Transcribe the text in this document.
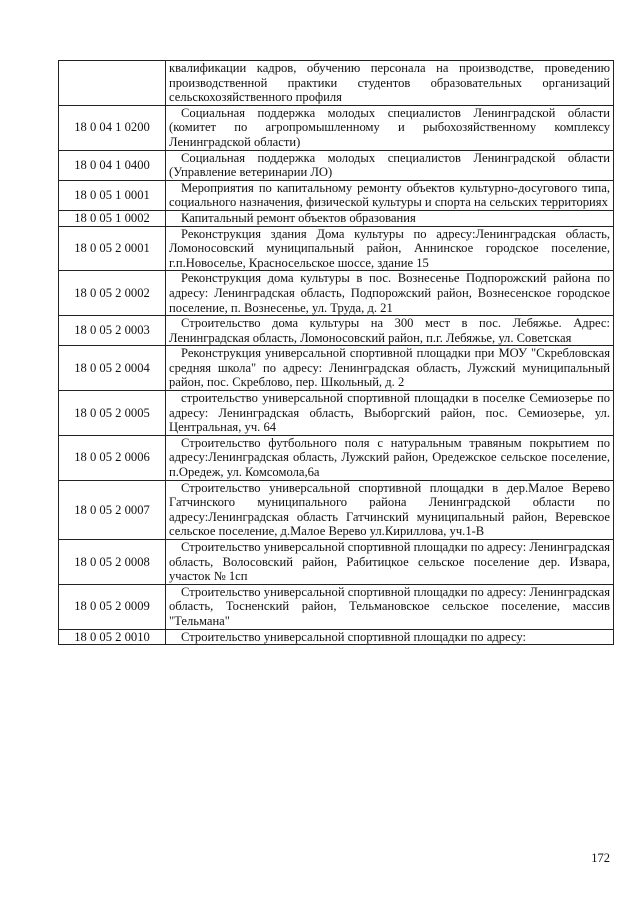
	квалификации кадров, обучению персонала на производстве, проведению производственной практики студентов образовательных организаций сельскохозяйственного профиля
18 0 04 1 0200	Социальная поддержка молодых специалистов Ленинградской области (комитет по агропромышленному и рыбохозяйственному комплексу Ленинградской области)
18 0 04 1 0400	Социальная поддержка молодых специалистов Ленинградской области (Управление ветеринарии ЛО)
18 0 05 1 0001	Мероприятия по капитальному ремонту объектов культурно-досугового типа, социального назначения, физической культуры и спорта на сельских территориях
18 0 05 1 0002	Капитальный ремонт объектов образования
18 0 05 2 0001	Реконструкция здания Дома культуры по адресу:Ленинградская область, Ломоносовский муниципальный район, Аннинское городское поселение, г.п.Новоселье, Красносельское шоссе, здание 15
18 0 05 2 0002	Реконструкция дома культуры в пос. Вознесенье Подпорожский района по адресу: Ленинградская область, Подпорожский район, Вознесенское городское поселение, п. Вознесенье, ул. Труда, д. 21
18 0 05 2 0003	Строительство дома культуры на 300 мест в пос. Лебяжье. Адрес: Ленинградская область, Ломоносовский район, п.г. Лебяжье, ул. Советская
18 0 05 2 0004	Реконструкция универсальной спортивной площадки при МОУ "Скребловская средняя школа" по адресу: Ленинградская область, Лужский муниципальный район, пос. Скреблово, пер. Школьный, д. 2
18 0 05 2 0005	строительство универсальной спортивной площадки в поселке Семиозерье по адресу: Ленинградская область, Выборгский район, пос. Семиозерье, ул. Центральная, уч. 64
18 0 05 2 0006	Строительство футбольного поля с натуральным травяным покрытием по адресу:Ленинградская область, Лужский район, Оредежское сельское поселение, п.Оредеж, ул. Комсомола,6а
18 0 05 2 0007	Строительство универсальной спортивной площадки в дер.Малое Верево Гатчинского муниципального района Ленинградской области по адресу:Ленинградская область Гатчинский муниципальный район, Веревское сельское поселение, д.Малое Верево ул.Кириллова, уч.1-В
18 0 05 2 0008	Строительство универсальной спортивной площадки по адресу: Ленинградская область, Волосовский район, Рабитицкое сельское поселение дер. Извара, участок № 1сп
18 0 05 2 0009	Строительство универсальной спортивной площадки по адресу: Ленинградская область, Тосненский район, Тельмановское сельское поселение, массив "Тельмана"
18 0 05 2 0010	Строительство универсальной спортивной площадки по адресу:
172
